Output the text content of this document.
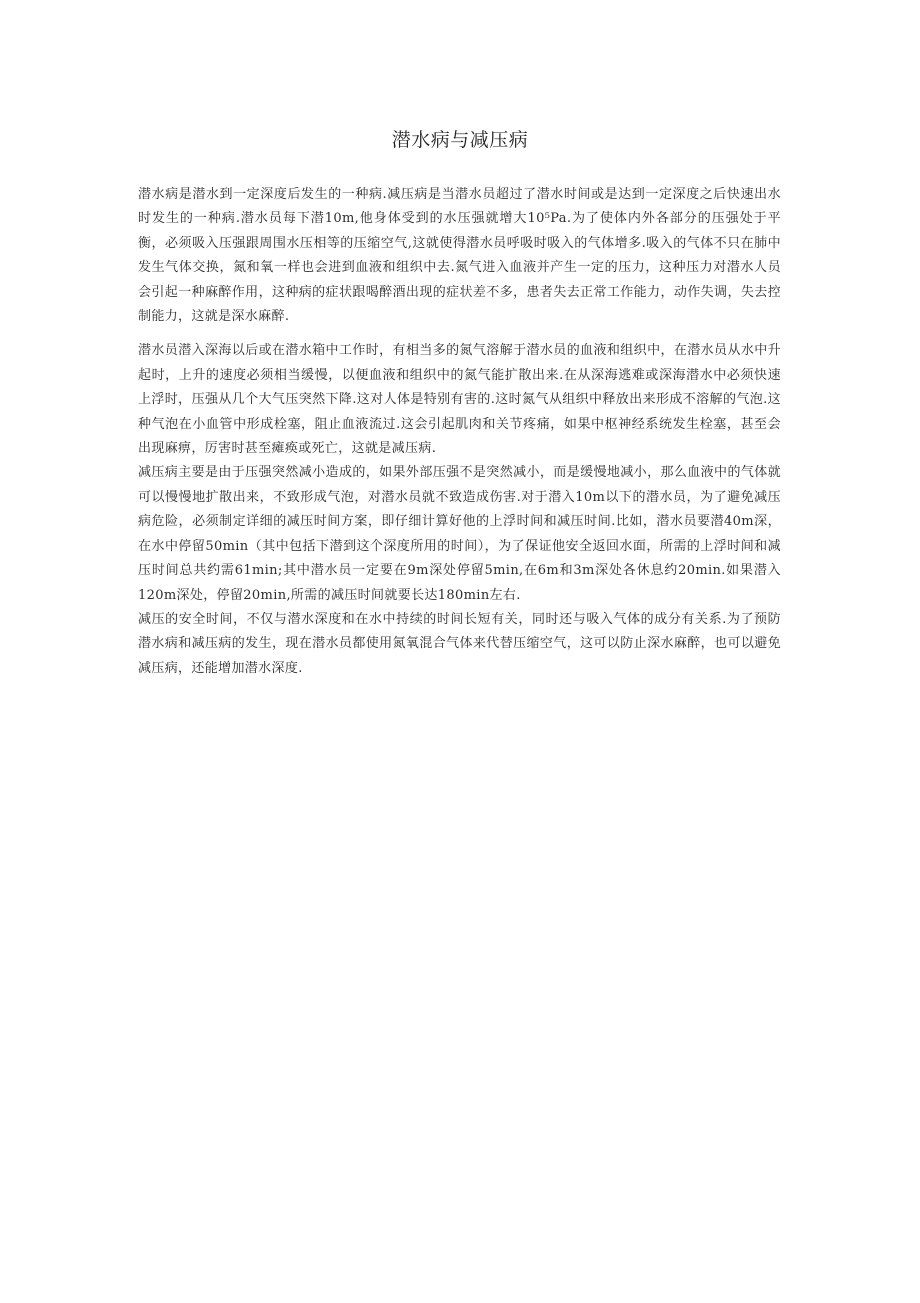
潜水病与减压病

潜水病是潜水到一定深度后发生的一种病.减压病是当潜水员超过了潜水时间或是达到一定深度之后快速出水时发生的一种病.潜水员每下潜10m,他身体受到的水压强就增大10⁵Pa.为了使体内外各部分的压强处于平衡，必须吸入压强跟周围水压相等的压缩空气,这就使得潜水员呼吸时吸入的气体增多.吸入的气体不只在肺中发生气体交换，氮和氧一样也会进到血液和组织中去.氮气进入血液并产生一定的压力，这种压力对潜水人员会引起一种麻醉作用，这种病的症状跟喝醉酒出现的症状差不多，患者失去正常工作能力，动作失调，失去控制能力，这就是深水麻醉.

潜水员潜入深海以后或在潜水箱中工作时，有相当多的氮气溶解于潜水员的血液和组织中，在潜水员从水中升起时，上升的速度必须相当缓慢，以便血液和组织中的氮气能扩散出来.在从深海逃难或深海潜水中必须快速上浮时，压强从几个大气压突然下降.这对人体是特别有害的.这时氮气从组织中释放出来形成不溶解的气泡.这种气泡在小血管中形成栓塞，阻止血液流过.这会引起肌肉和关节疼痛，如果中枢神经系统发生栓塞，甚至会出现麻痹，厉害时甚至瘫痪或死亡，这就是减压病.

减压病主要是由于压强突然减小造成的，如果外部压强不是突然减小，而是缓慢地减小，那么血液中的气体就可以慢慢地扩散出来，不致形成气泡，对潜水员就不致造成伤害.对于潜入10m以下的潜水员，为了避免减压病危险，必须制定详细的减压时间方案，即仔细计算好他的上浮时间和减压时间.比如，潜水员要潜40m深，在水中停留50min（其中包括下潜到这个深度所用的时间），为了保证他安全返回水面，所需的上浮时间和减压时间总共约需61min;其中潜水员一定要在9m深处停留5min,在6m和3m深处各休息约20min.如果潜入120m深处，停留20min,所需的减压时间就要长达180min左右.

减压的安全时间，不仅与潜水深度和在水中持续的时间长短有关，同时还与吸入气体的成分有关系.为了预防潜水病和减压病的发生，现在潜水员都使用氮氧混合气体来代替压缩空气，这可以防止深水麻醉，也可以避免减压病，还能增加潜水深度.
